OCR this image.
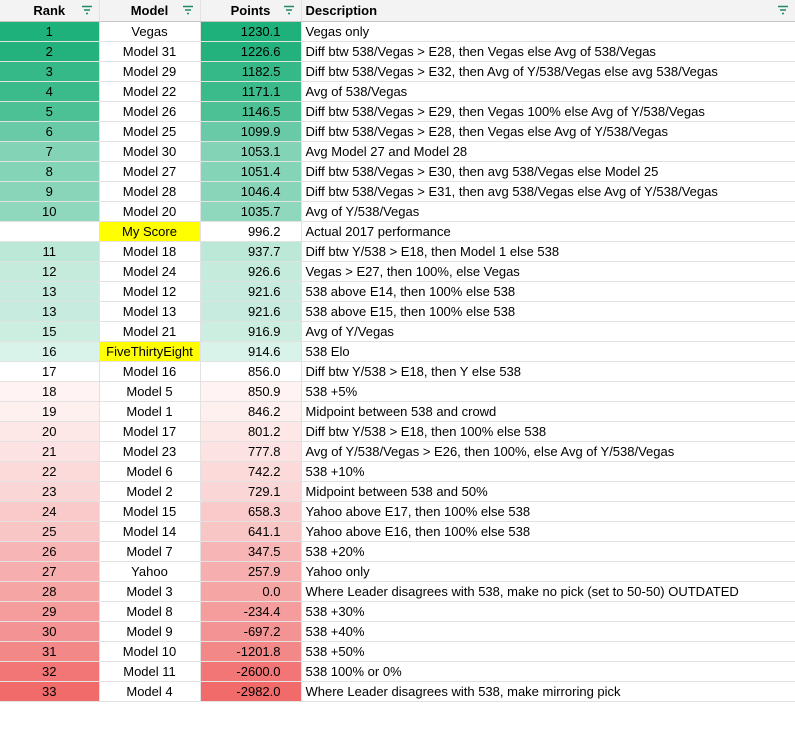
Rank	Model	Points	Description

1	Vegas	1230.1	Vegas only
2	Model 31	1226.6	Diff btw 538/Vegas > E28, then Vegas else Avg of 538/Vegas
3	Model 29	1182.5	Diff btw 538/Vegas > E32, then Avg of Y/538/Vegas else avg 538/Vegas
4	Model 22	1171.1	Avg of 538/Vegas
5	Model 26	1146.5	Diff btw 538/Vegas > E29, then Vegas 100% else Avg of Y/538/Vegas
6	Model 25	1099.9	Diff btw 538/Vegas > E28, then Vegas else Avg of Y/538/Vegas
7	Model 30	1053.1	Avg Model 27 and Model 28
8	Model 27	1051.4	Diff btw 538/Vegas > E30, then avg 538/Vegas else Model 25
9	Model 28	1046.4	Diff btw 538/Vegas > E31, then avg 538/Vegas else Avg of Y/538/Vegas
10	Model 20	1035.7	Avg of Y/538/Vegas
	My Score	996.2	Actual 2017 performance
11	Model 18	937.7	Diff btw Y/538 > E18, then Model 1 else 538
12	Model 24	926.6	Vegas > E27, then 100%, else Vegas
13	Model 12	921.6	538 above E14, then 100% else 538
13	Model 13	921.6	538 above E15, then 100% else 538
15	Model 21	916.9	Avg of Y/Vegas
16	FiveThirtyEight	914.6	538 Elo
17	Model 16	856.0	Diff btw Y/538 > E18, then Y else 538
18	Model 5	850.9	538 +5%
19	Model 1	846.2	Midpoint between 538 and crowd
20	Model 17	801.2	Diff btw Y/538 > E18, then 100% else 538
21	Model 23	777.8	Avg of Y/538/Vegas > E26, then 100%, else Avg of Y/538/Vegas
22	Model 6	742.2	538 +10%
23	Model 2	729.1	Midpoint between 538 and 50%
24	Model 15	658.3	Yahoo above E17, then 100% else 538
25	Model 14	641.1	Yahoo above E16, then 100% else 538
26	Model 7	347.5	538 +20%
27	Yahoo	257.9	Yahoo only
28	Model 3	0.0	Where Leader disagrees with 538, make no pick (set to 50-50) OUTDATED
29	Model 8	-234.4	538 +30%
30	Model 9	-697.2	538 +40%
31	Model 10	-1201.8	538 +50%
32	Model 11	-2600.0	538 100% or 0%
33	Model 4	-2982.0	Where Leader disagrees with 538, make mirroring pick
